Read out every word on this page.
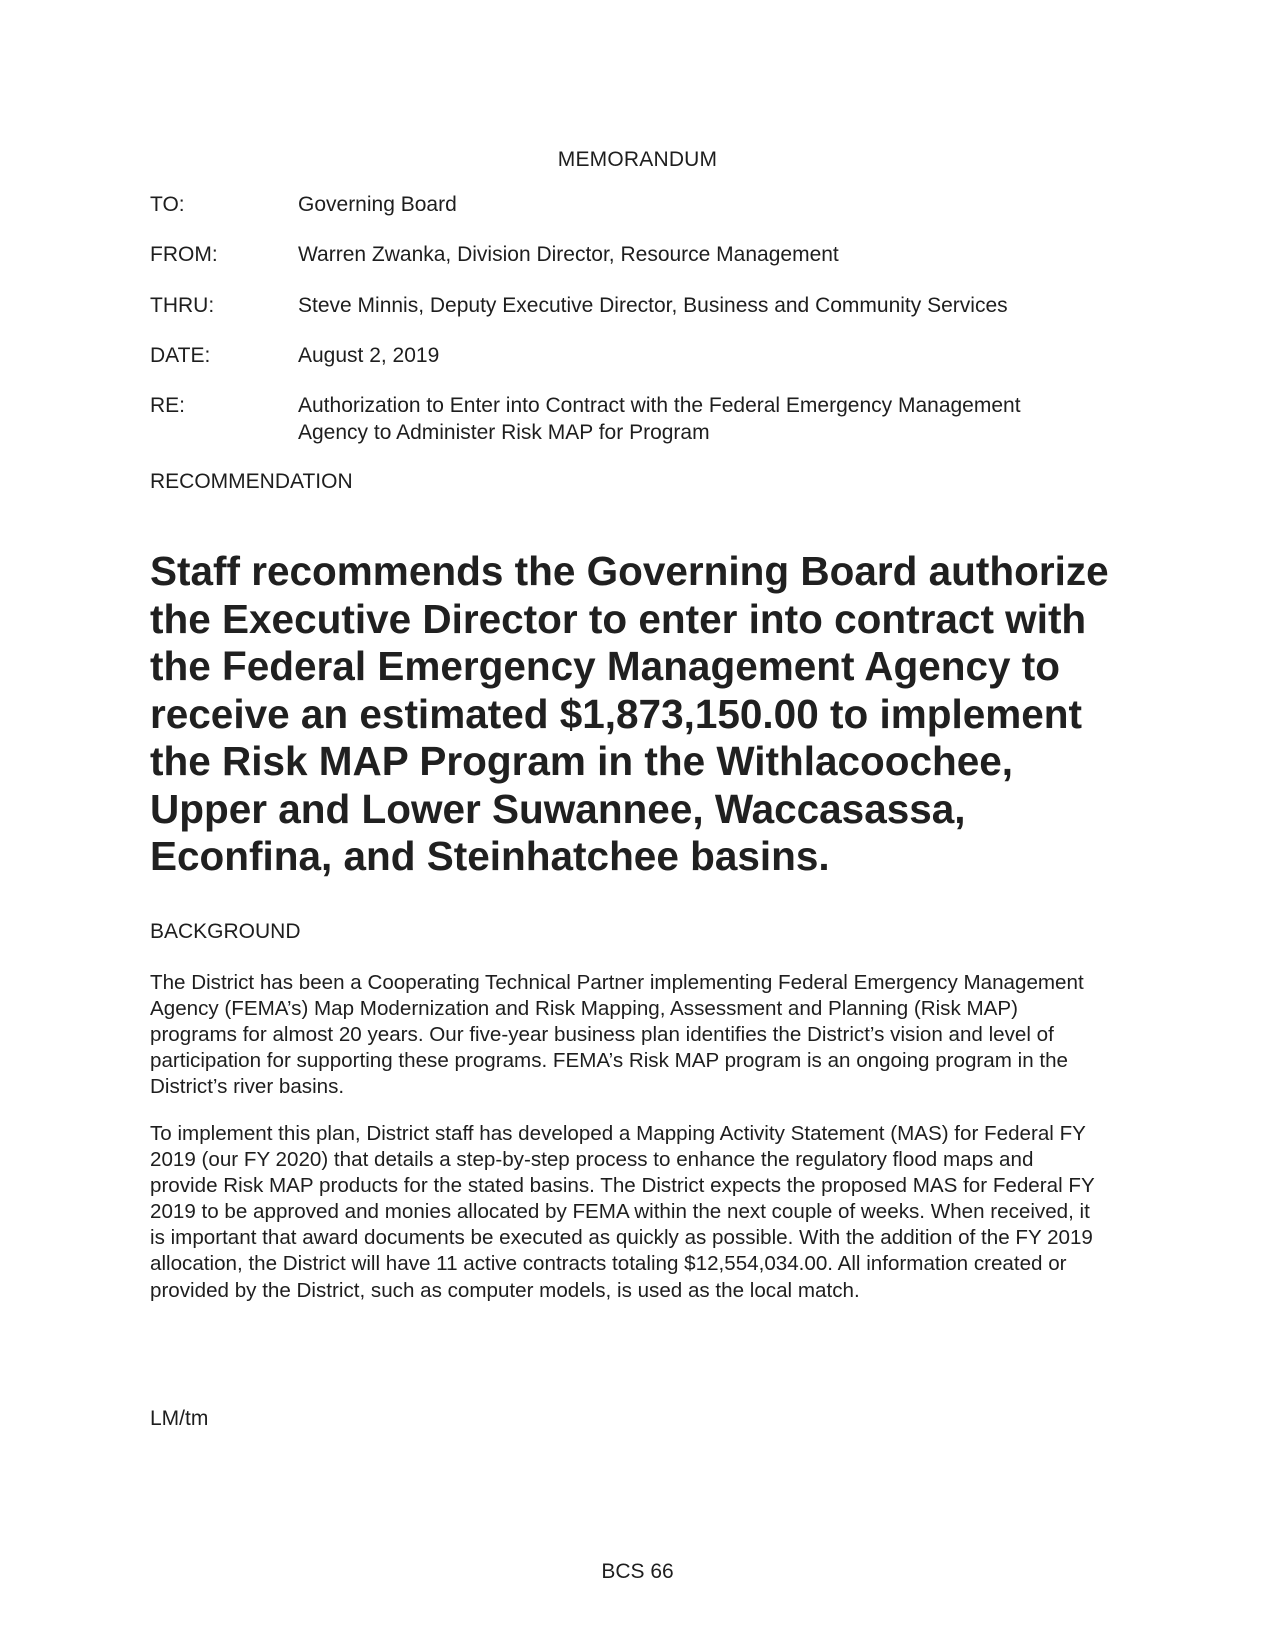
MEMORANDUM
TO:	Governing Board
FROM:	Warren Zwanka, Division Director, Resource Management
THRU:	Steve Minnis, Deputy Executive Director, Business and Community Services
DATE:	August 2, 2019
RE:	Authorization to Enter into Contract with the Federal Emergency Management Agency to Administer Risk MAP for Program
RECOMMENDATION

Staff recommends the Governing Board authorize the Executive Director to enter into contract with the Federal Emergency Management Agency to receive an estimated $1,873,150.00 to implement the Risk MAP Program in the Withlacoochee, Upper and Lower Suwannee, Waccasassa, Econfina, and Steinhatchee basins.

BACKGROUND

The District has been a Cooperating Technical Partner implementing Federal Emergency Management Agency (FEMA’s) Map Modernization and Risk Mapping, Assessment and Planning (Risk MAP) programs for almost 20 years. Our five-year business plan identifies the District’s vision and level of participation for supporting these programs. FEMA’s Risk MAP program is an ongoing program in the District’s river basins.

To implement this plan, District staff has developed a Mapping Activity Statement (MAS) for Federal FY 2019 (our FY 2020) that details a step-by-step process to enhance the regulatory flood maps and provide Risk MAP products for the stated basins. The District expects the proposed MAS for Federal FY 2019 to be approved and monies allocated by FEMA within the next couple of weeks. When received, it is important that award documents be executed as quickly as possible. With the addition of the FY 2019 allocation, the District will have 11 active contracts totaling $12,554,034.00. All information created or provided by the District, such as computer models, is used as the local match.

LM/tm
BCS 66
